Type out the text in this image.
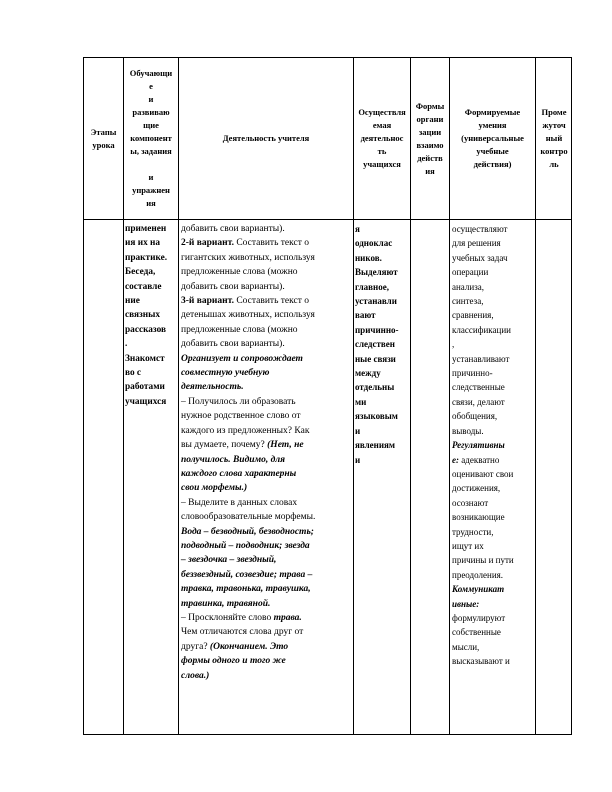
Этапы
урока
Обучающи
е
и
развиваю
щие
компонент
ы, задания

и
упражнен
ия
Деятельность учителя
Осуществля
емая
деятельнос
ть
учащихся
Формы
органи
зации
взаимо
действ
ия
Формируемые
умения
(универсальные
учебные
действия)
Проме
жуточ
ный
контро
ль
применен
ия их на
практике.
Беседа,
составле
ние
связных
рассказов
.
Знакомст
во с
работами
учащихся
добавить свои варианты).
2-й вариант. Составить текст о
гигантских животных, используя
предложенные слова (можно
добавить свои варианты).
3-й вариант. Составить текст о
детенышах животных, используя
предложенные слова (можно
добавить свои варианты).
Организует и сопровождает
совместную учебную
деятельность.
– Получилось ли образовать
нужное родственное слово от
каждого из предложенных? Как
вы думаете, почему? (Нет, не
получилось. Видимо, для
каждого слова характерны
свои морфемы.)
– Выделите в данных словах
словообразовательные морфемы.
Вода – безводный, безводность;
подводный – подводник; звезда
– звездочка – звездный,
беззвездный, созвездие; трава –
травка, травонька, травушка,
травинка, травяной.
– Просклоняйте слово трава.
Чем отличаются слова друг от
друга? (Окончанием. Это
формы одного и того же
слова.)
я
одноклас
ников.
Выделяют
главное,
устанавли
вают
причинно-
следствен
ные связи
между
отдельны
ми
языковым
и
явлениям
и
осуществляют
для решения
учебных задач
операции
анализа,
синтеза,
сравнения,
классификации
,
устанавливают
причинно-
следственные
связи, делают
обобщения,
выводы.
Регулятивны
е: адекватно
оценивают свои
достижения,
осознают
возникающие
трудности,
ищут их
причины и пути
преодоления.
Коммуникат
ивные:
формулируют
собственные
мысли,
высказывают и
